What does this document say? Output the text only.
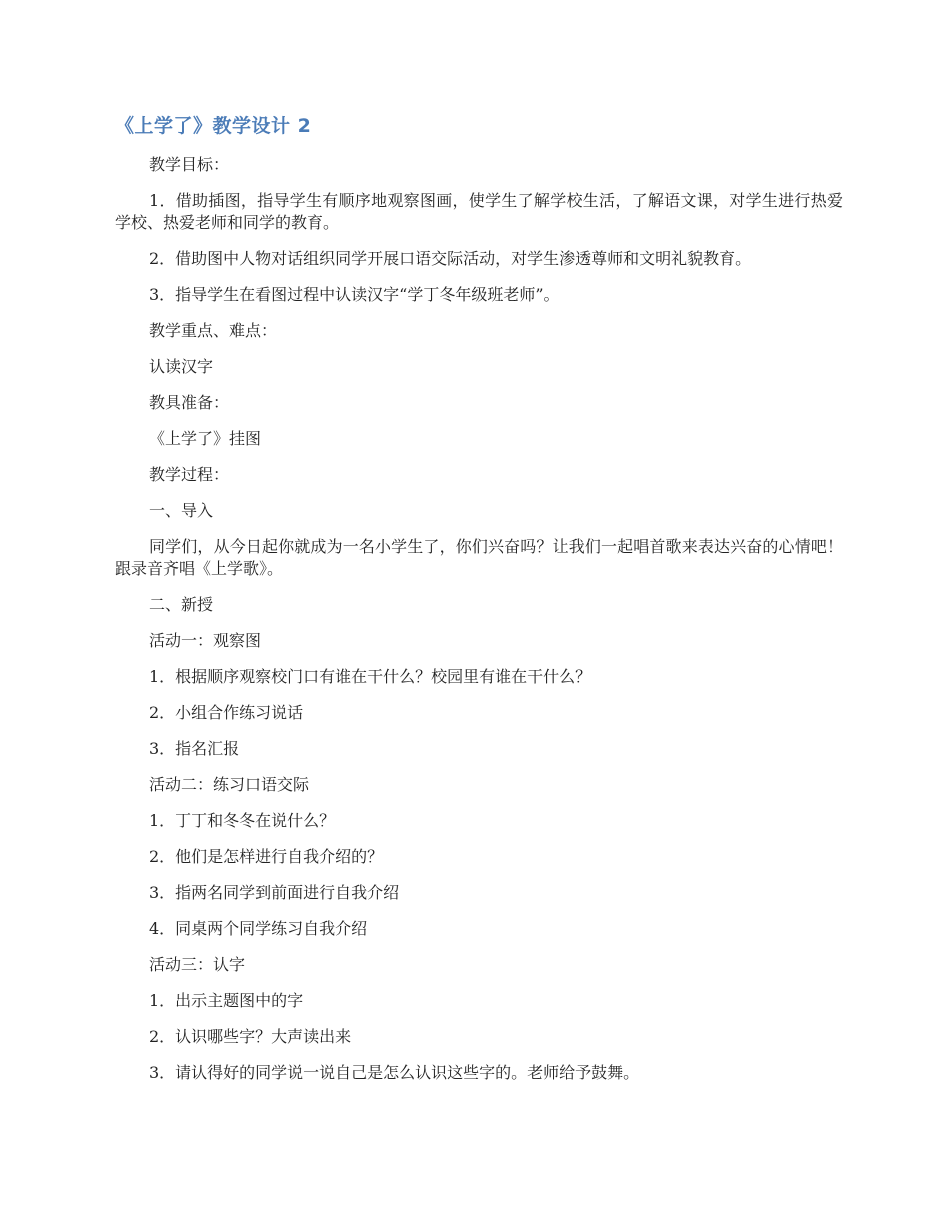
《上学了》教学设计 2

教学目标：

1．借助插图，指导学生有顺序地观察图画，使学生了解学校生活，了解语文课，对学生进行热爱学校、热爱老师和同学的教育。

2．借助图中人物对话组织同学开展口语交际活动，对学生渗透尊师和文明礼貌教育。

3．指导学生在看图过程中认读汉字“学丁冬年级班老师”。

教学重点、难点：

认读汉字

教具准备：

《上学了》挂图

教学过程：

一、导入

同学们，从今日起你就成为一名小学生了，你们兴奋吗？让我们一起唱首歌来表达兴奋的心情吧！跟录音齐唱《上学歌》。

二、新授

活动一：观察图

1．根据顺序观察校门口有谁在干什么？校园里有谁在干什么？

2．小组合作练习说话

3．指名汇报

活动二：练习口语交际

1．丁丁和冬冬在说什么？

2．他们是怎样进行自我介绍的？

3．指两名同学到前面进行自我介绍

4．同桌两个同学练习自我介绍

活动三：认字

1．出示主题图中的字

2．认识哪些字？大声读出来

3．请认得好的同学说一说自己是怎么认识这些字的。老师给予鼓舞。
